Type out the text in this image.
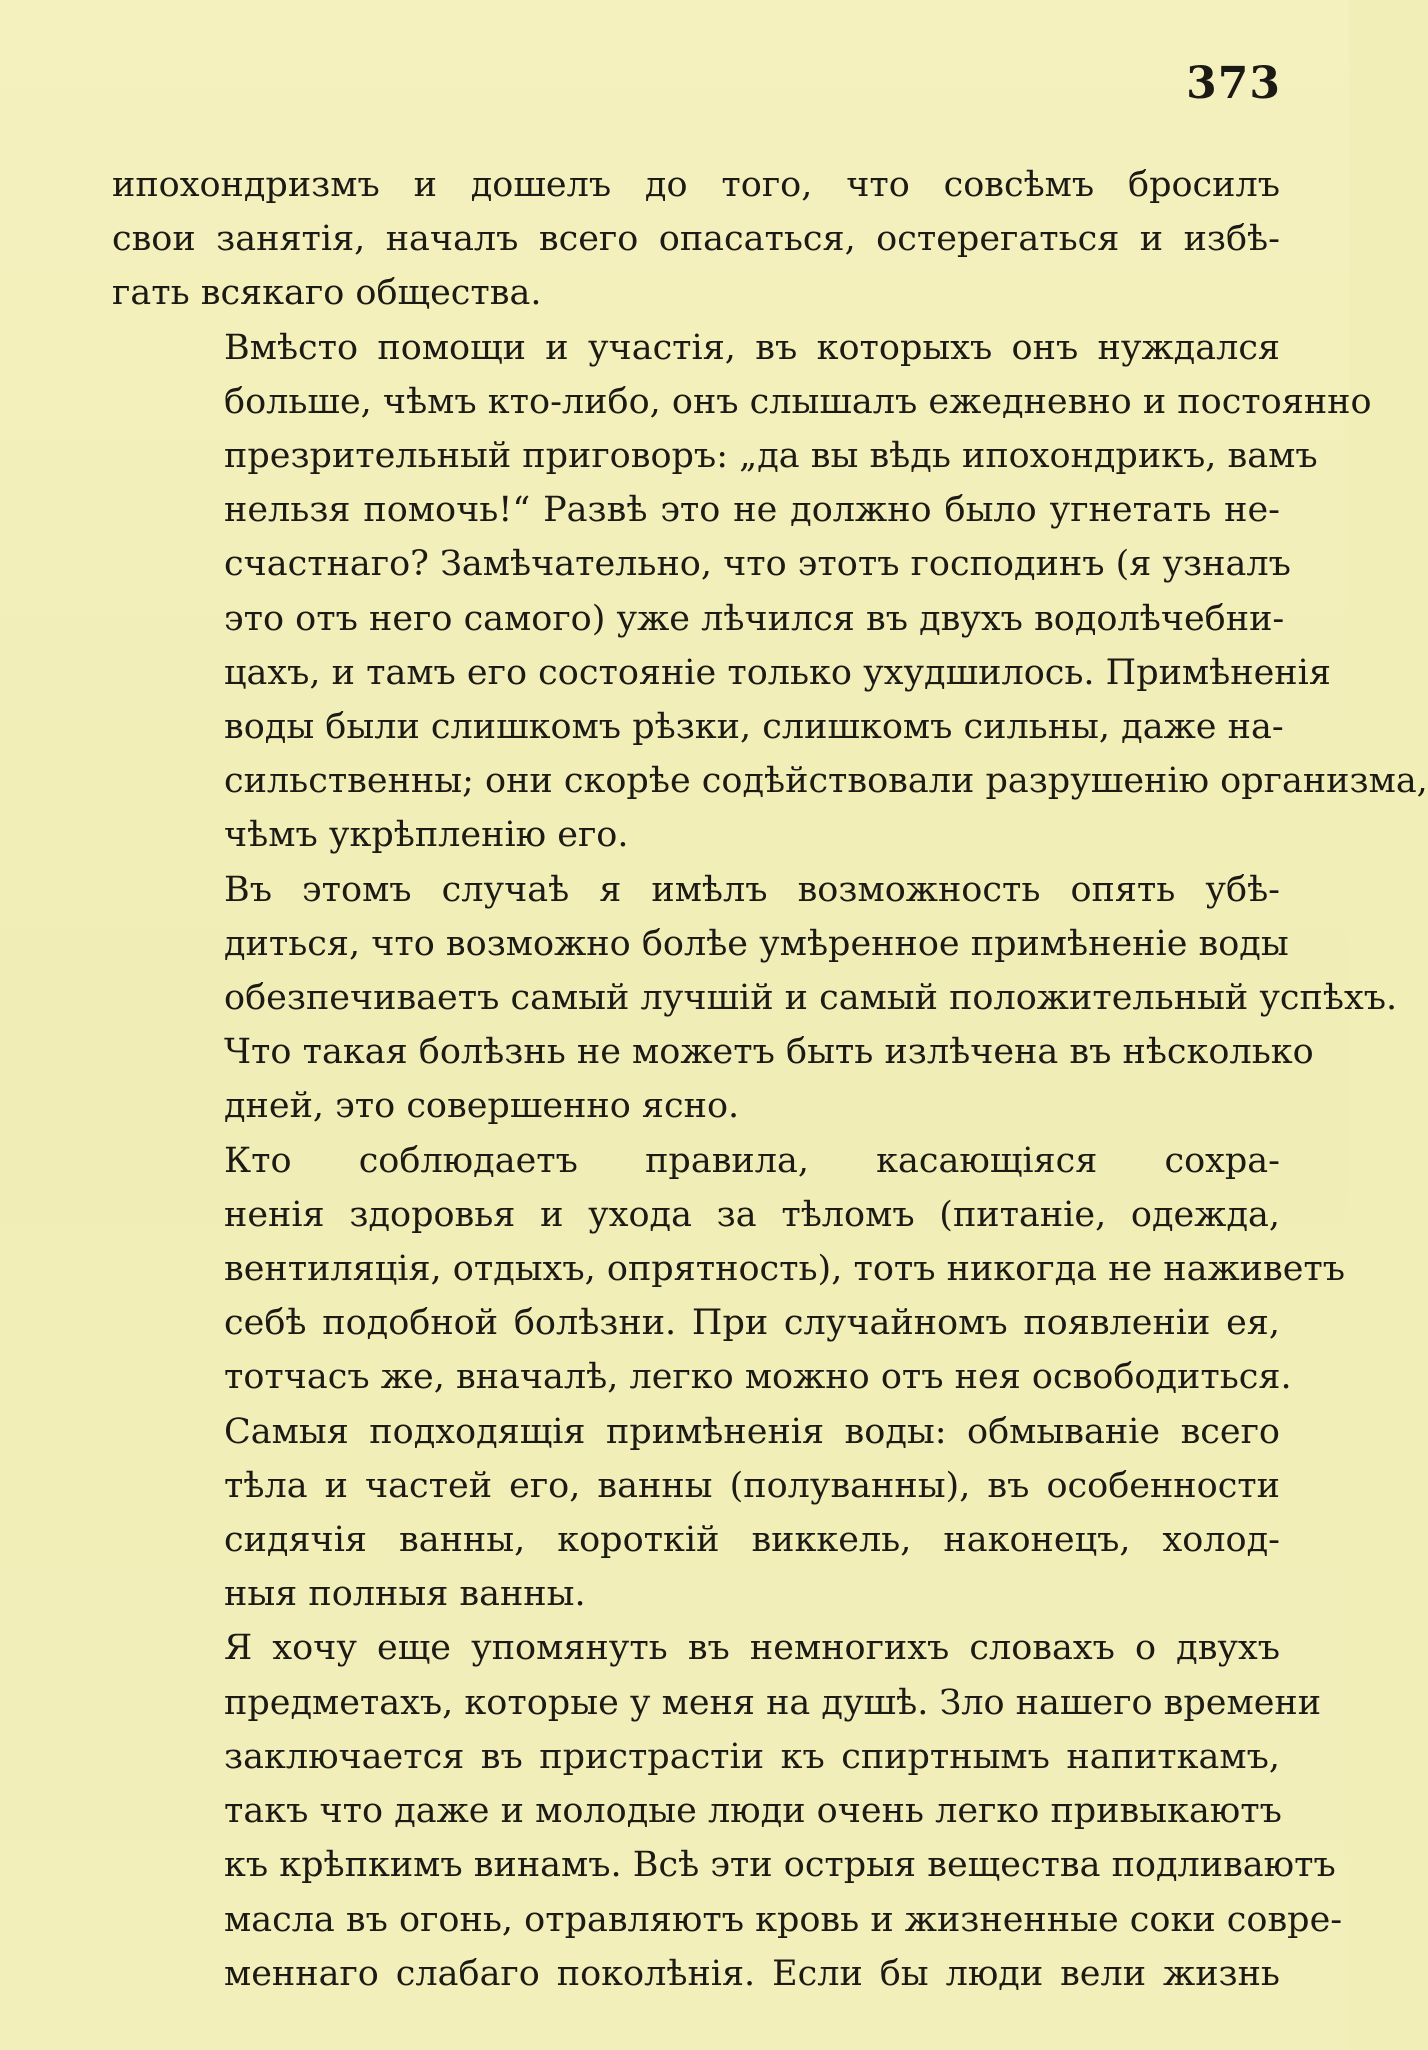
373

ипохондризмъ и дошелъ до того, что совсѣмъ бросилъ
свои занятія, началъ всего опасаться, остерегаться и избѣ-
гать всякаго общества.

Вмѣсто помощи и участія, въ которыхъ онъ нуждался
больше, чѣмъ кто-либо, онъ слышалъ ежедневно и постоянно
презрительный приговоръ: „да вы вѣдь ипохондрикъ, вамъ
нельзя помочь!“ Развѣ это не должно было угнетать не-
счастнаго? Замѣчательно, что этотъ господинъ (я узналъ
это отъ него самого) уже лѣчился въ двухъ водолѣчебни-
цахъ, и тамъ его состояніе только ухудшилось. Примѣненія
воды были слишкомъ рѣзки, слишкомъ сильны, даже на-
сильственны; они скорѣе содѣйствовали разрушенію организма,
чѣмъ укрѣпленію его.

Въ этомъ случаѣ я имѣлъ возможность опять убѣ-
диться, что возможно болѣе умѣренное примѣненіе воды
обезпечиваетъ самый лучшій и самый положительный успѣхъ.
Что такая болѣзнь не можетъ быть излѣчена въ нѣсколько
дней, это совершенно ясно.

Кто соблюдаетъ правила, касающіяся сохра-
ненія здоровья и ухода за тѣломъ (питаніе, одежда,
вентиляція, отдыхъ, опрятность), тотъ никогда не наживетъ
себѣ подобной болѣзни. При случайномъ появленіи ея,
тотчасъ же, вначалѣ, легко можно отъ нея освободиться.

Самыя подходящія примѣненія воды: обмываніе всего
тѣла и частей его, ванны (полуванны), въ особенности
сидячія ванны, короткій виккель, наконецъ, холод-
ныя полныя ванны.

Я хочу еще упомянуть въ немногихъ словахъ о двухъ
предметахъ, которые у меня на душѣ. Зло нашего времени
заключается въ пристрастіи къ спиртнымъ напиткамъ,
такъ что даже и молодые люди очень легко привыкаютъ
къ крѣпкимъ винамъ. Всѣ эти острыя вещества подливаютъ
масла въ огонь, отравляютъ кровь и жизненные соки совре-
меннаго слабаго поколѣнія. Если бы люди вели жизнь
